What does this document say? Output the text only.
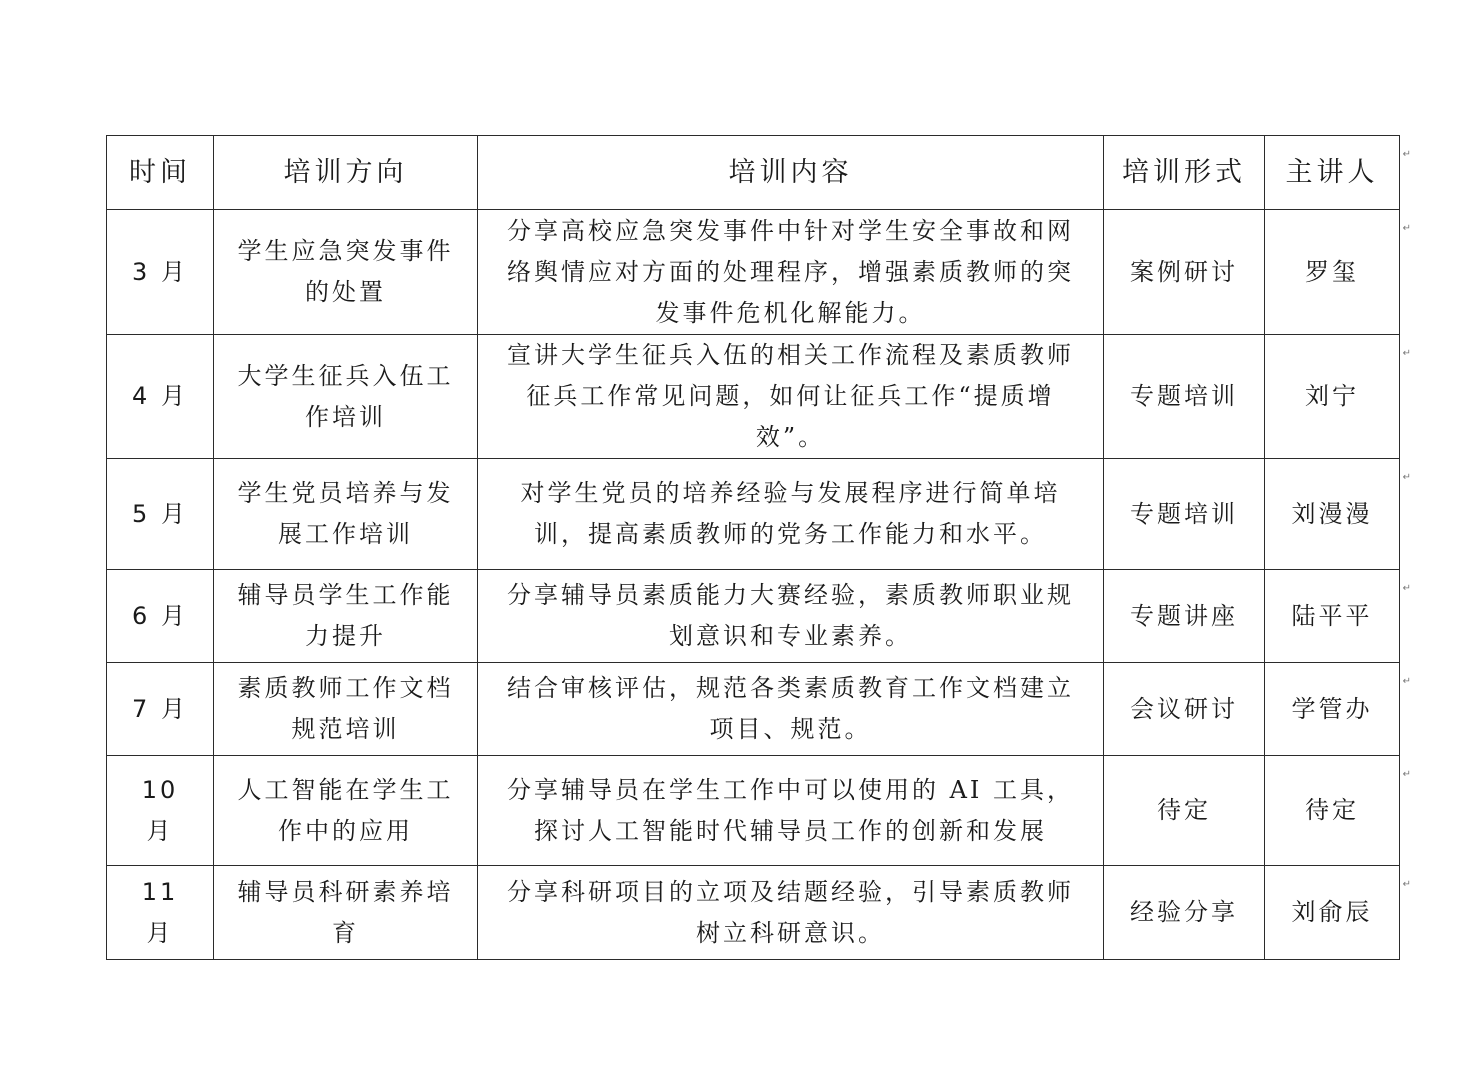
时间	培训方向	培训内容	培训形式	主讲人
↵

3 月	学生应急突发事件的处置	分享高校应急突发事件中针对学生安全事故和网络舆情应对方面的处理程序，增强素质教师的突发事件危机化解能力。	案例研讨	罗玺
↵

4 月	大学生征兵入伍工作培训	宣讲大学生征兵入伍的相关工作流程及素质教师征兵工作常见问题，如何让征兵工作“提质增效”。	专题培训	刘宁
↵

5 月	学生党员培养与发展工作培训	对学生党员的培养经验与发展程序进行简单培训，提高素质教师的党务工作能力和水平。	专题培训	刘漫漫
↵

6 月	辅导员学生工作能力提升	分享辅导员素质能力大赛经验，素质教师职业规划意识和专业素养。	专题讲座	陆平平
↵

7 月	素质教师工作文档规范培训	结合审核评估，规范各类素质教育工作文档建立项目、规范。	会议研讨	学管办
↵

10 月	人工智能在学生工作中的应用	分享辅导员在学生工作中可以使用的 AI 工具，探讨人工智能时代辅导员工作的创新和发展	待定	待定
↵

11 月	辅导员科研素养培育	分享科研项目的立项及结题经验，引导素质教师树立科研意识。	经验分享	刘俞辰
↵
